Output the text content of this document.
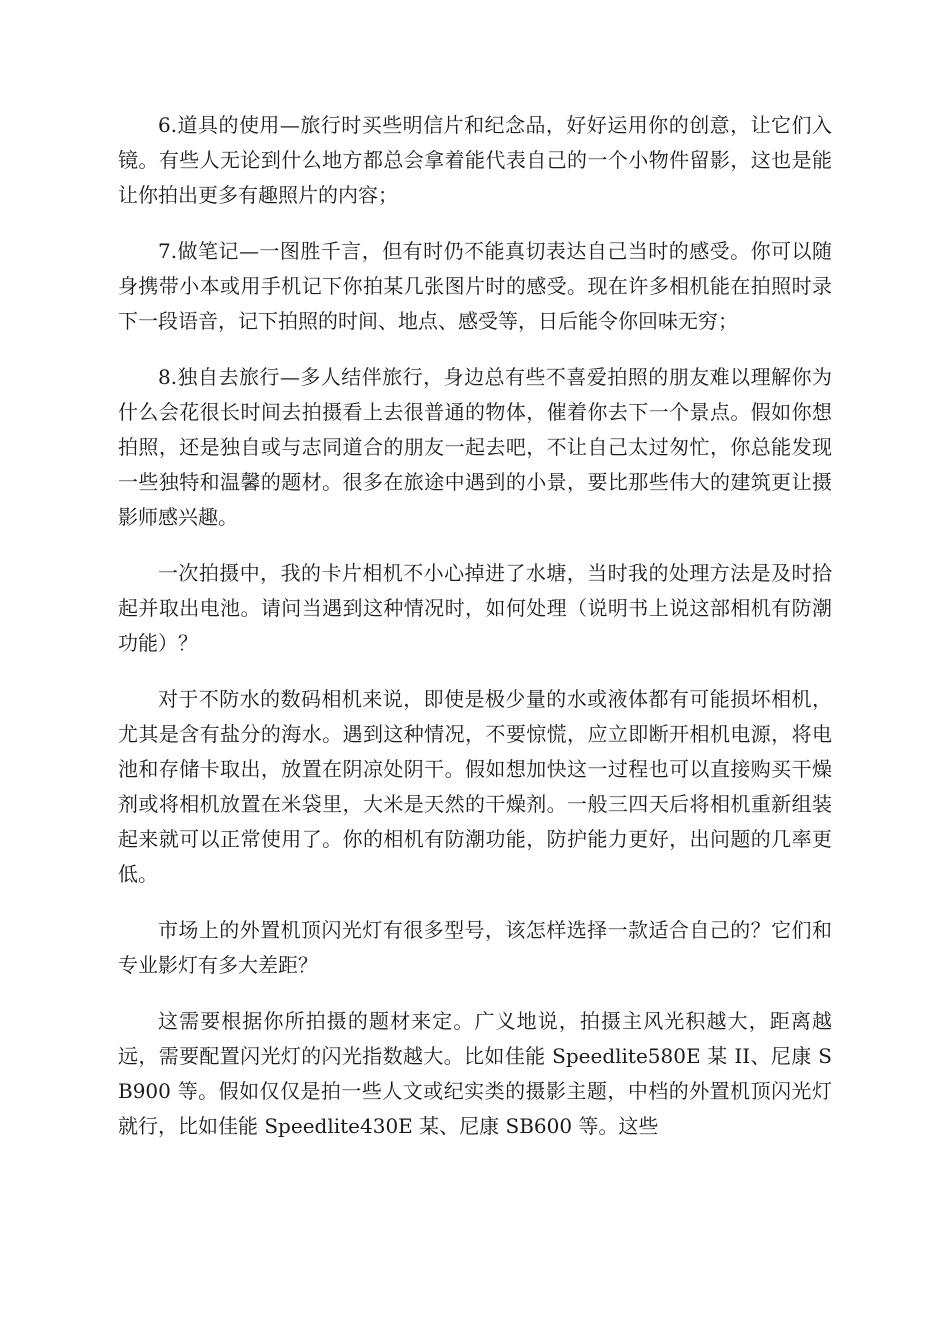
6.道具的使用—旅行时买些明信片和纪念品，好好运用你的创意，让它们入镜。有些人无论到什么地方都总会拿着能代表自己的一个小物件留影，这也是能让你拍出更多有趣照片的内容；

7.做笔记—一图胜千言，但有时仍不能真切表达自己当时的感受。你可以随身携带小本或用手机记下你拍某几张图片时的感受。现在许多相机能在拍照时录下一段语音，记下拍照的时间、地点、感受等，日后能令你回味无穷；

8.独自去旅行—多人结伴旅行，身边总有些不喜爱拍照的朋友难以理解你为什么会花很长时间去拍摄看上去很普通的物体，催着你去下一个景点。假如你想拍照，还是独自或与志同道合的朋友一起去吧，不让自己太过匆忙，你总能发现一些独特和温馨的题材。很多在旅途中遇到的小景，要比那些伟大的建筑更让摄影师感兴趣。

一次拍摄中，我的卡片相机不小心掉进了水塘，当时我的处理方法是及时拾起并取出电池。请问当遇到这种情况时，如何处理（说明书上说这部相机有防潮功能）？

对于不防水的数码相机来说，即使是极少量的水或液体都有可能损坏相机，尤其是含有盐分的海水。遇到这种情况，不要惊慌，应立即断开相机电源，将电池和存储卡取出，放置在阴凉处阴干。假如想加快这一过程也可以直接购买干燥剂或将相机放置在米袋里，大米是天然的干燥剂。一般三四天后将相机重新组装起来就可以正常使用了。你的相机有防潮功能，防护能力更好，出问题的几率更低。

市场上的外置机顶闪光灯有很多型号，该怎样选择一款适合自己的？它们和专业影灯有多大差距？

这需要根据你所拍摄的题材来定。广义地说，拍摄主风光积越大，距离越远，需要配置闪光灯的闪光指数越大。比如佳能 Speedlite580E 某 II、尼康 SB900 等。假如仅仅是拍一些人文或纪实类的摄影主题，中档的外置机顶闪光灯就行，比如佳能 Speedlite430E 某、尼康 SB600 等。这些
